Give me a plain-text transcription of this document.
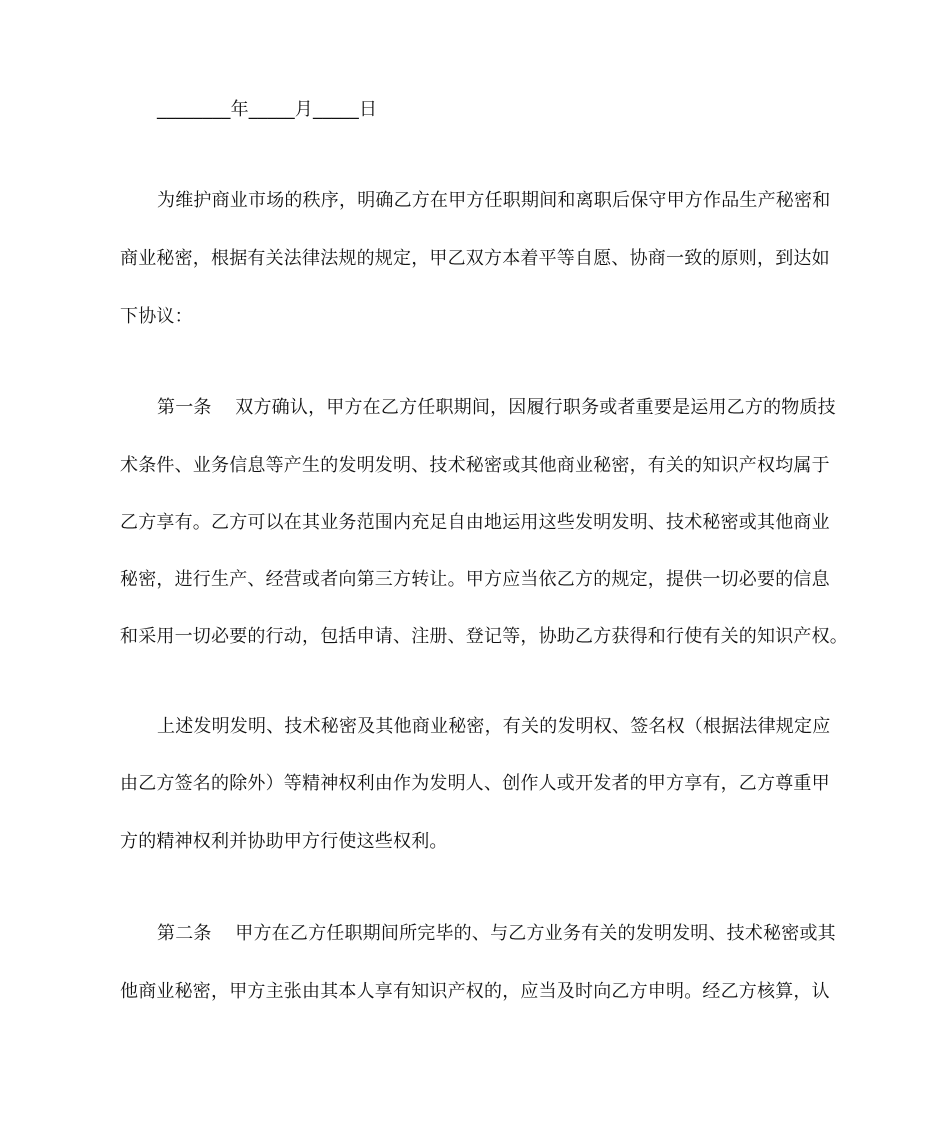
________年_____月_____日
为维护商业市场的秩序，明确乙方在甲方任职期间和离职后保守甲方作品生产秘密和
商业秘密，根据有关法律法规的规定，甲乙双方本着平等自愿、协商一致的原则，到达如
下协议：
第一条    双方确认，甲方在乙方任职期间，因履行职务或者重要是运用乙方的物质技
术条件、业务信息等产生的发明发明、技术秘密或其他商业秘密，有关的知识产权均属于
乙方享有。乙方可以在其业务范围内充足自由地运用这些发明发明、技术秘密或其他商业
秘密，进行生产、经营或者向第三方转让。甲方应当依乙方的规定，提供一切必要的信息
和采用一切必要的行动，包括申请、注册、登记等，协助乙方获得和行使有关的知识产权。
上述发明发明、技术秘密及其他商业秘密，有关的发明权、签名权（根据法律规定应
由乙方签名的除外）等精神权利由作为发明人、创作人或开发者的甲方享有，乙方尊重甲
方的精神权利并协助甲方行使这些权利。
第二条    甲方在乙方任职期间所完毕的、与乙方业务有关的发明发明、技术秘密或其
他商业秘密，甲方主张由其本人享有知识产权的，应当及时向乙方申明。经乙方核算，认
